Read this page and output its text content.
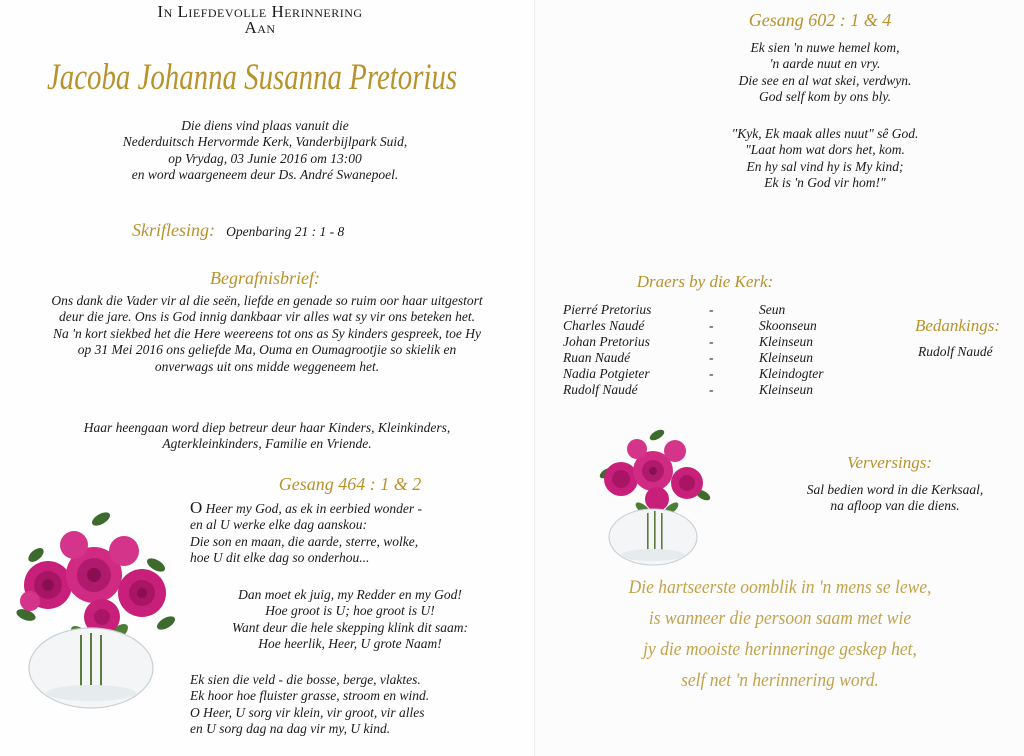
In Liefdevolle Herinnering
Aan
Jacoba Johanna Susanna Pretorius
Die diens vind plaas vanuit die
Nederduitsch Hervormde Kerk, Vanderbijlpark Suid,
op Vrydag, 03 Junie 2016 om 13:00
en word waargeneem deur Ds. André Swanepoel.
Skriflesing: Openbaring 21 : 1 - 8
Begrafnisbrief:
Ons dank die Vader vir al die seën, liefde en genade so ruim oor haar uitgestort
deur die jare. Ons is God innig dankbaar vir alles wat sy vir ons beteken het.
Na 'n kort siekbed het die Here weereens tot ons as Sy kinders gespreek, toe Hy
op 31 Mei 2016 ons geliefde Ma, Ouma en Oumagrootjie so skielik en
onverwags uit ons midde weggeneem het.
Haar heengaan word diep betreur deur haar Kinders, Kleinkinders,
Agterkleinkinders, Familie en Vriende.
Gesang 464 : 1 & 2
O Heer my God, as ek in eerbied wonder -
en al U werke elke dag aanskou:
Die son en maan, die aarde, sterre, wolke,
hoe U dit elke dag so onderhou...
Dan moet ek juig, my Redder en my God!
Hoe groot is U; hoe groot is U!
Want deur die hele skepping klink dit saam:
Hoe heerlik, Heer, U grote Naam!
Ek sien die veld - die bosse, berge, vlaktes.
Ek hoor hoe fluister grasse, stroom en wind.
O Heer, U sorg vir klein, vir groot, vir alles
en U sorg dag na dag vir my, U kind.
Gesang 602 : 1 & 4
Ek sien 'n nuwe hemel kom,
'n aarde nuut en vry.
Die see en al wat skei, verdwyn.
God self kom by ons bly.
"Kyk, Ek maak alles nuut" sê God.
"Laat hom wat dors het, kom.
En hy sal vind hy is My kind;
Ek is 'n God vir hom!"
Draers by die Kerk:
Pierré Pretorius	-	Seun
Charles Naudé	-	Skoonseun
Johan Pretorius	-	Kleinseun
Ruan Naudé	-	Kleinseun
Nadia Potgieter	-	Kleindogter
Rudolf Naudé	-	Kleinseun
Bedankings:
Rudolf Naudé
Verversings:
Sal bedien word in die Kerksaal,
na afloop van die diens.
Die hartseerste oomblik in 'n mens se lewe,
is wanneer die persoon saam met wie
jy die mooiste herinneringe geskep het,
self net 'n herinnering word.
